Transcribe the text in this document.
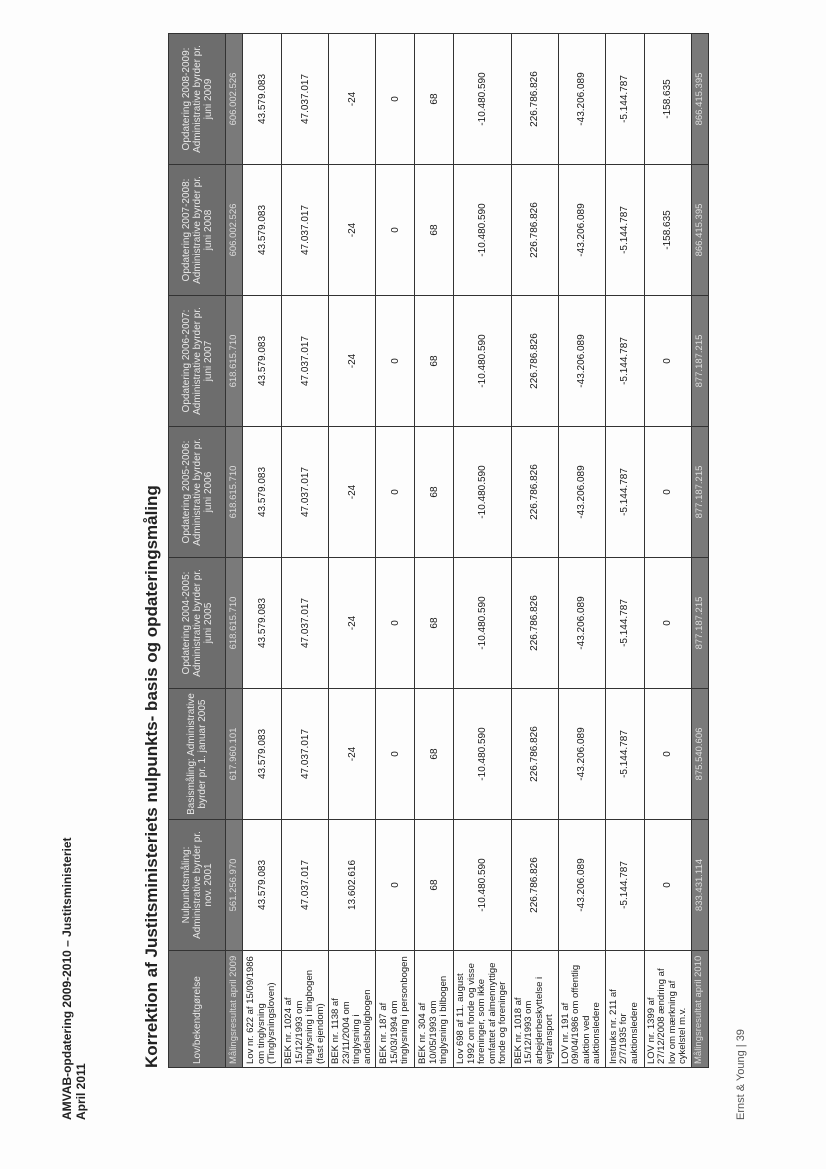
AMVAB-opdatering 2009-2010 – Justitsministeriet April 2011
Korrektion af Justitsministeriets nulpunkts- basis og opdateringsmåling	Lov/bekendtgørelse	Nulpunktsmåling: Administrative byrder pr. nov. 2001	Basismåling: Administrative byrder pr. 1. januar 2005	Opdatering 2004-2005: Administrative byrder pr. juni 2005	Opdatering 2005-2006: Administrative byrder pr. juni 2006	Opdatering 2006-2007: Administrative byrder pr. juni 2007	Opdatering 2007-2008: Administrative byrder pr. juni 2008	Opdatering 2008-2009: Administrative byrder pr. juni 2009
Målingsresultat april 2009	561.256.970	617.960.101	618.615.710	618.615.710	618.615.710	606.002.526	606.002.526
Lov nr. 622 af 15/09/1986 om tinglysning (Tinglysningsloven)	43.579.083	43.579.083	43.579.083	43.579.083	43.579.083	43.579.083	43.579.083
BEK nr. 1024 af 15/12/1993 om tinglysning i tingbogen (fast ejendom)	47.037.017	47.037.017	47.037.017	47.037.017	47.037.017	47.037.017	47.037.017
BEK nr. 1138 af 23/11/2004 om tinglysning i andelsboligbogen	13.602.616	-24	-24	-24	-24	-24	-24
BEK nr. 187 af 15/03/1994 om tinglysning i personbogen	0	0	0	0	0	0	0
BEK nr. 304 af 10/05/1993 om tinglysning i bilbogen	68	68	68	68	68	68	68
Lov 698 af 11. august 1992 om fonde og visse foreninger, som ikke omfattet af almennyttige fonde og foreninger	-10.480.590	-10.480.590	-10.480.590	-10.480.590	-10.480.590	-10.480.590	-10.480.590
BEK nr. 1018 af 15/12/1993 om arbejderbeskyttelse i vejtransport	226.786.826	226.786.826	226.786.826	226.786.826	226.786.826	226.786.826	226.786.826
LOV nr. 191 af 09/04/1986 om offentlig auktion ved auktionsledere	-43.206.089	-43.206.089	-43.206.089	-43.206.089	-43.206.089	-43.206.089	-43.206.089
Instruks nr. 211 af 2/7/1935 for auktionsledere	-5.144.787	-5.144.787	-5.144.787	-5.144.787	-5.144.787	-5.144.787	-5.144.787
LOV nr. 1399 af 27/12/2008 ændring af lov om mærkning af cykelstel m.v.	0	0	0	0	0	-158.635	-158.635
Målingsresultat april 2010	833.431.114	875.540.606	877.187.215	877.187.215	877.187.215	866.415.395	866.415.395
Ernst & Young | 39
